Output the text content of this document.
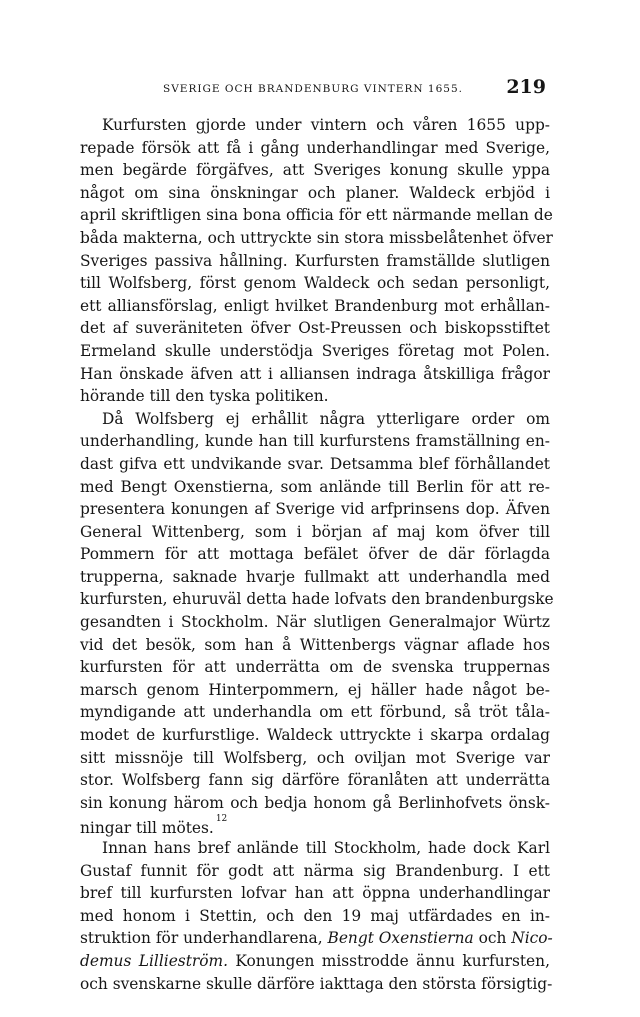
SVERIGE OCH BRANDENBURG VINTERN 1655. 219

Kurfursten gjorde under vintern och våren 1655 upp-
repade försök att få i gång underhandlingar med Sverige,
men begärde förgäfves, att Sveriges konung skulle yppa
något om sina önskningar och planer. Waldeck erbjöd i
april skriftligen sina bona officia för ett närmande mellan de
båda makterna, och uttryckte sin stora missbelåtenhet öfver
Sveriges passiva hållning. Kurfursten framställde slutligen
till Wolfsberg, först genom Waldeck och sedan personligt,
ett alliansförslag, enligt hvilket Brandenburg mot erhållan-
det af suveräniteten öfver Ost-Preussen och biskopsstiftet
Ermeland skulle understödja Sveriges företag mot Polen.
Han önskade äfven att i alliansen indraga åtskilliga frågor
hörande till den tyska politiken.

Då Wolfsberg ej erhållit några ytterligare order om
underhandling, kunde han till kurfurstens framställning en-
dast gifva ett undvikande svar. Detsamma blef förhållandet
med Bengt Oxenstierna, som anlände till Berlin för att re-
presentera konungen af Sverige vid arfprinsens dop. Äfven
General Wittenberg, som i början af maj kom öfver till
Pommern för att mottaga befälet öfver de där förlagda
trupperna, saknade hvarje fullmakt att underhandla med
kurfursten, ehuruväl detta hade lofvats den brandenburgske
gesandten i Stockholm. När slutligen Generalmajor Würtz
vid det besök, som han å Wittenbergs vägnar aflade hos
kurfursten för att underrätta om de svenska truppernas
marsch genom Hinterpommern, ej häller hade något be-
myndigande att underhandla om ett förbund, så tröt tåla-
modet de kurfurstlige. Waldeck uttryckte i skarpa ordalag
sitt missnöje till Wolfsberg, och oviljan mot Sverige var
stor. Wolfsberg fann sig därföre föranlåten att underrätta
sin konung härom och bedja honom gå Berlinhofvets önsk-
ningar till mötes.$^{12}$

Innan hans bref anlände till Stockholm, hade dock Karl
Gustaf funnit för godt att närma sig Brandenburg. I ett
bref till kurfursten lofvar han att öppna underhandlingar
med honom i Stettin, och den 19 maj utfärdades en in-
struktion för underhandlarena, Bengt Oxenstierna och Nico-
demus Lillieström. Konungen misstrodde ännu kurfursten,
och svenskarne skulle därföre iakttaga den största försigtig-
